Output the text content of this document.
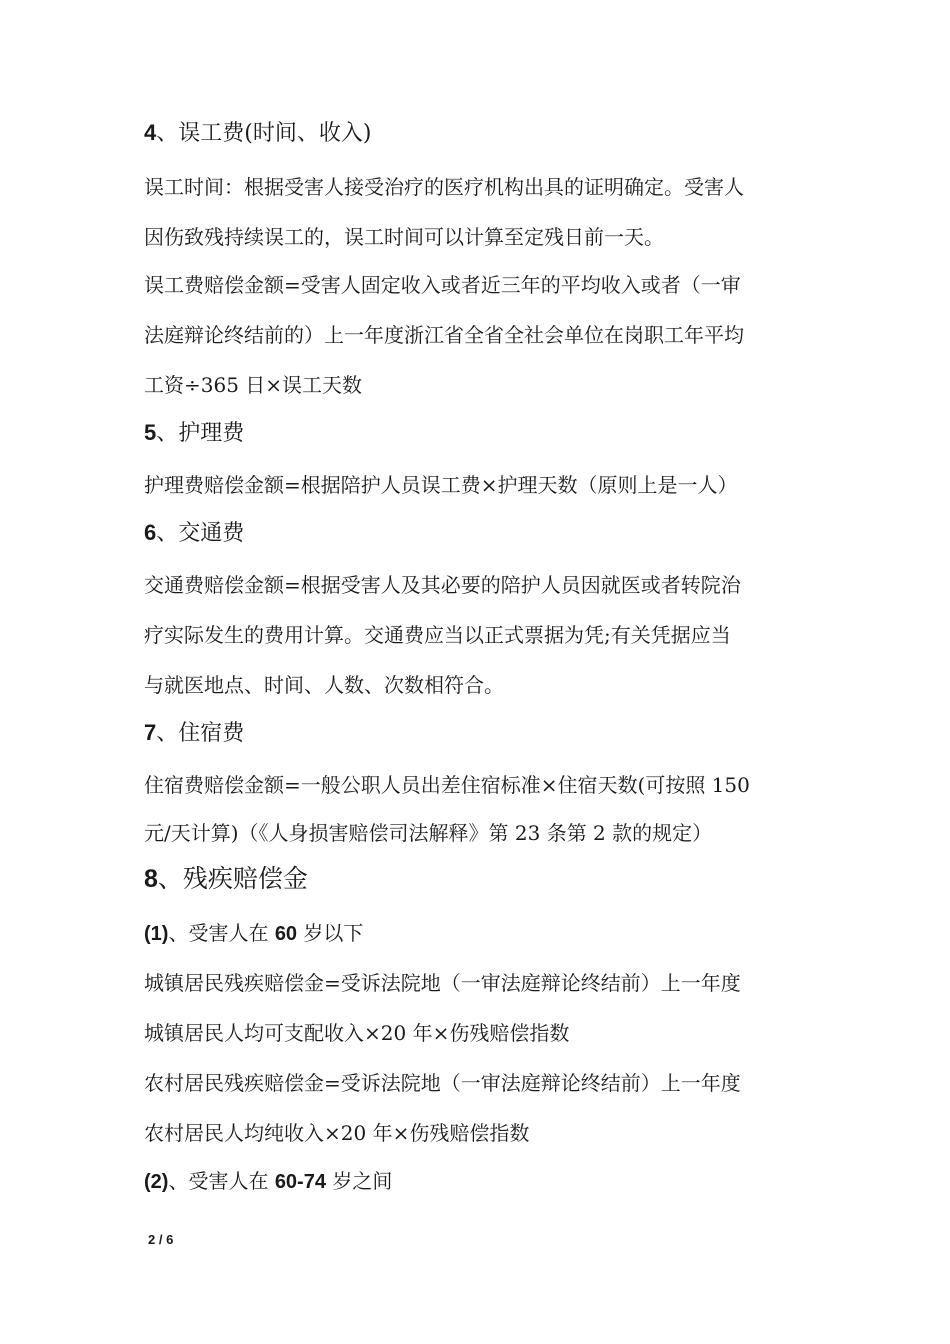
4、误工费(时间、收入)
误工时间：根据受害人接受治疗的医疗机构出具的证明确定。受害人
因伤致残持续误工的，误工时间可以计算至定残日前一天。
误工费赔偿金额=受害人固定收入或者近三年的平均收入或者（一审
法庭辩论终结前的）上一年度浙江省全省全社会单位在岗职工年平均
工资÷365 日×误工天数
5、护理费
护理费赔偿金额=根据陪护人员误工费×护理天数（原则上是一人）
6、交通费
交通费赔偿金额=根据受害人及其必要的陪护人员因就医或者转院治
疗实际发生的费用计算。交通费应当以正式票据为凭;有关凭据应当
与就医地点、时间、人数、次数相符合。
7、住宿费
住宿费赔偿金额=一般公职人员出差住宿标准×住宿天数(可按照 150
元/天计算)（《人身损害赔偿司法解释》第 23 条第 2 款的规定）
8、残疾赔偿金
(1)、受害人在 60 岁以下
城镇居民残疾赔偿金=受诉法院地（一审法庭辩论终结前）上一年度
城镇居民人均可支配收入×20 年×伤残赔偿指数
农村居民残疾赔偿金=受诉法院地（一审法庭辩论终结前）上一年度
农村居民人均纯收入×20 年×伤残赔偿指数
(2)、受害人在 60-74 岁之间
2 / 6
